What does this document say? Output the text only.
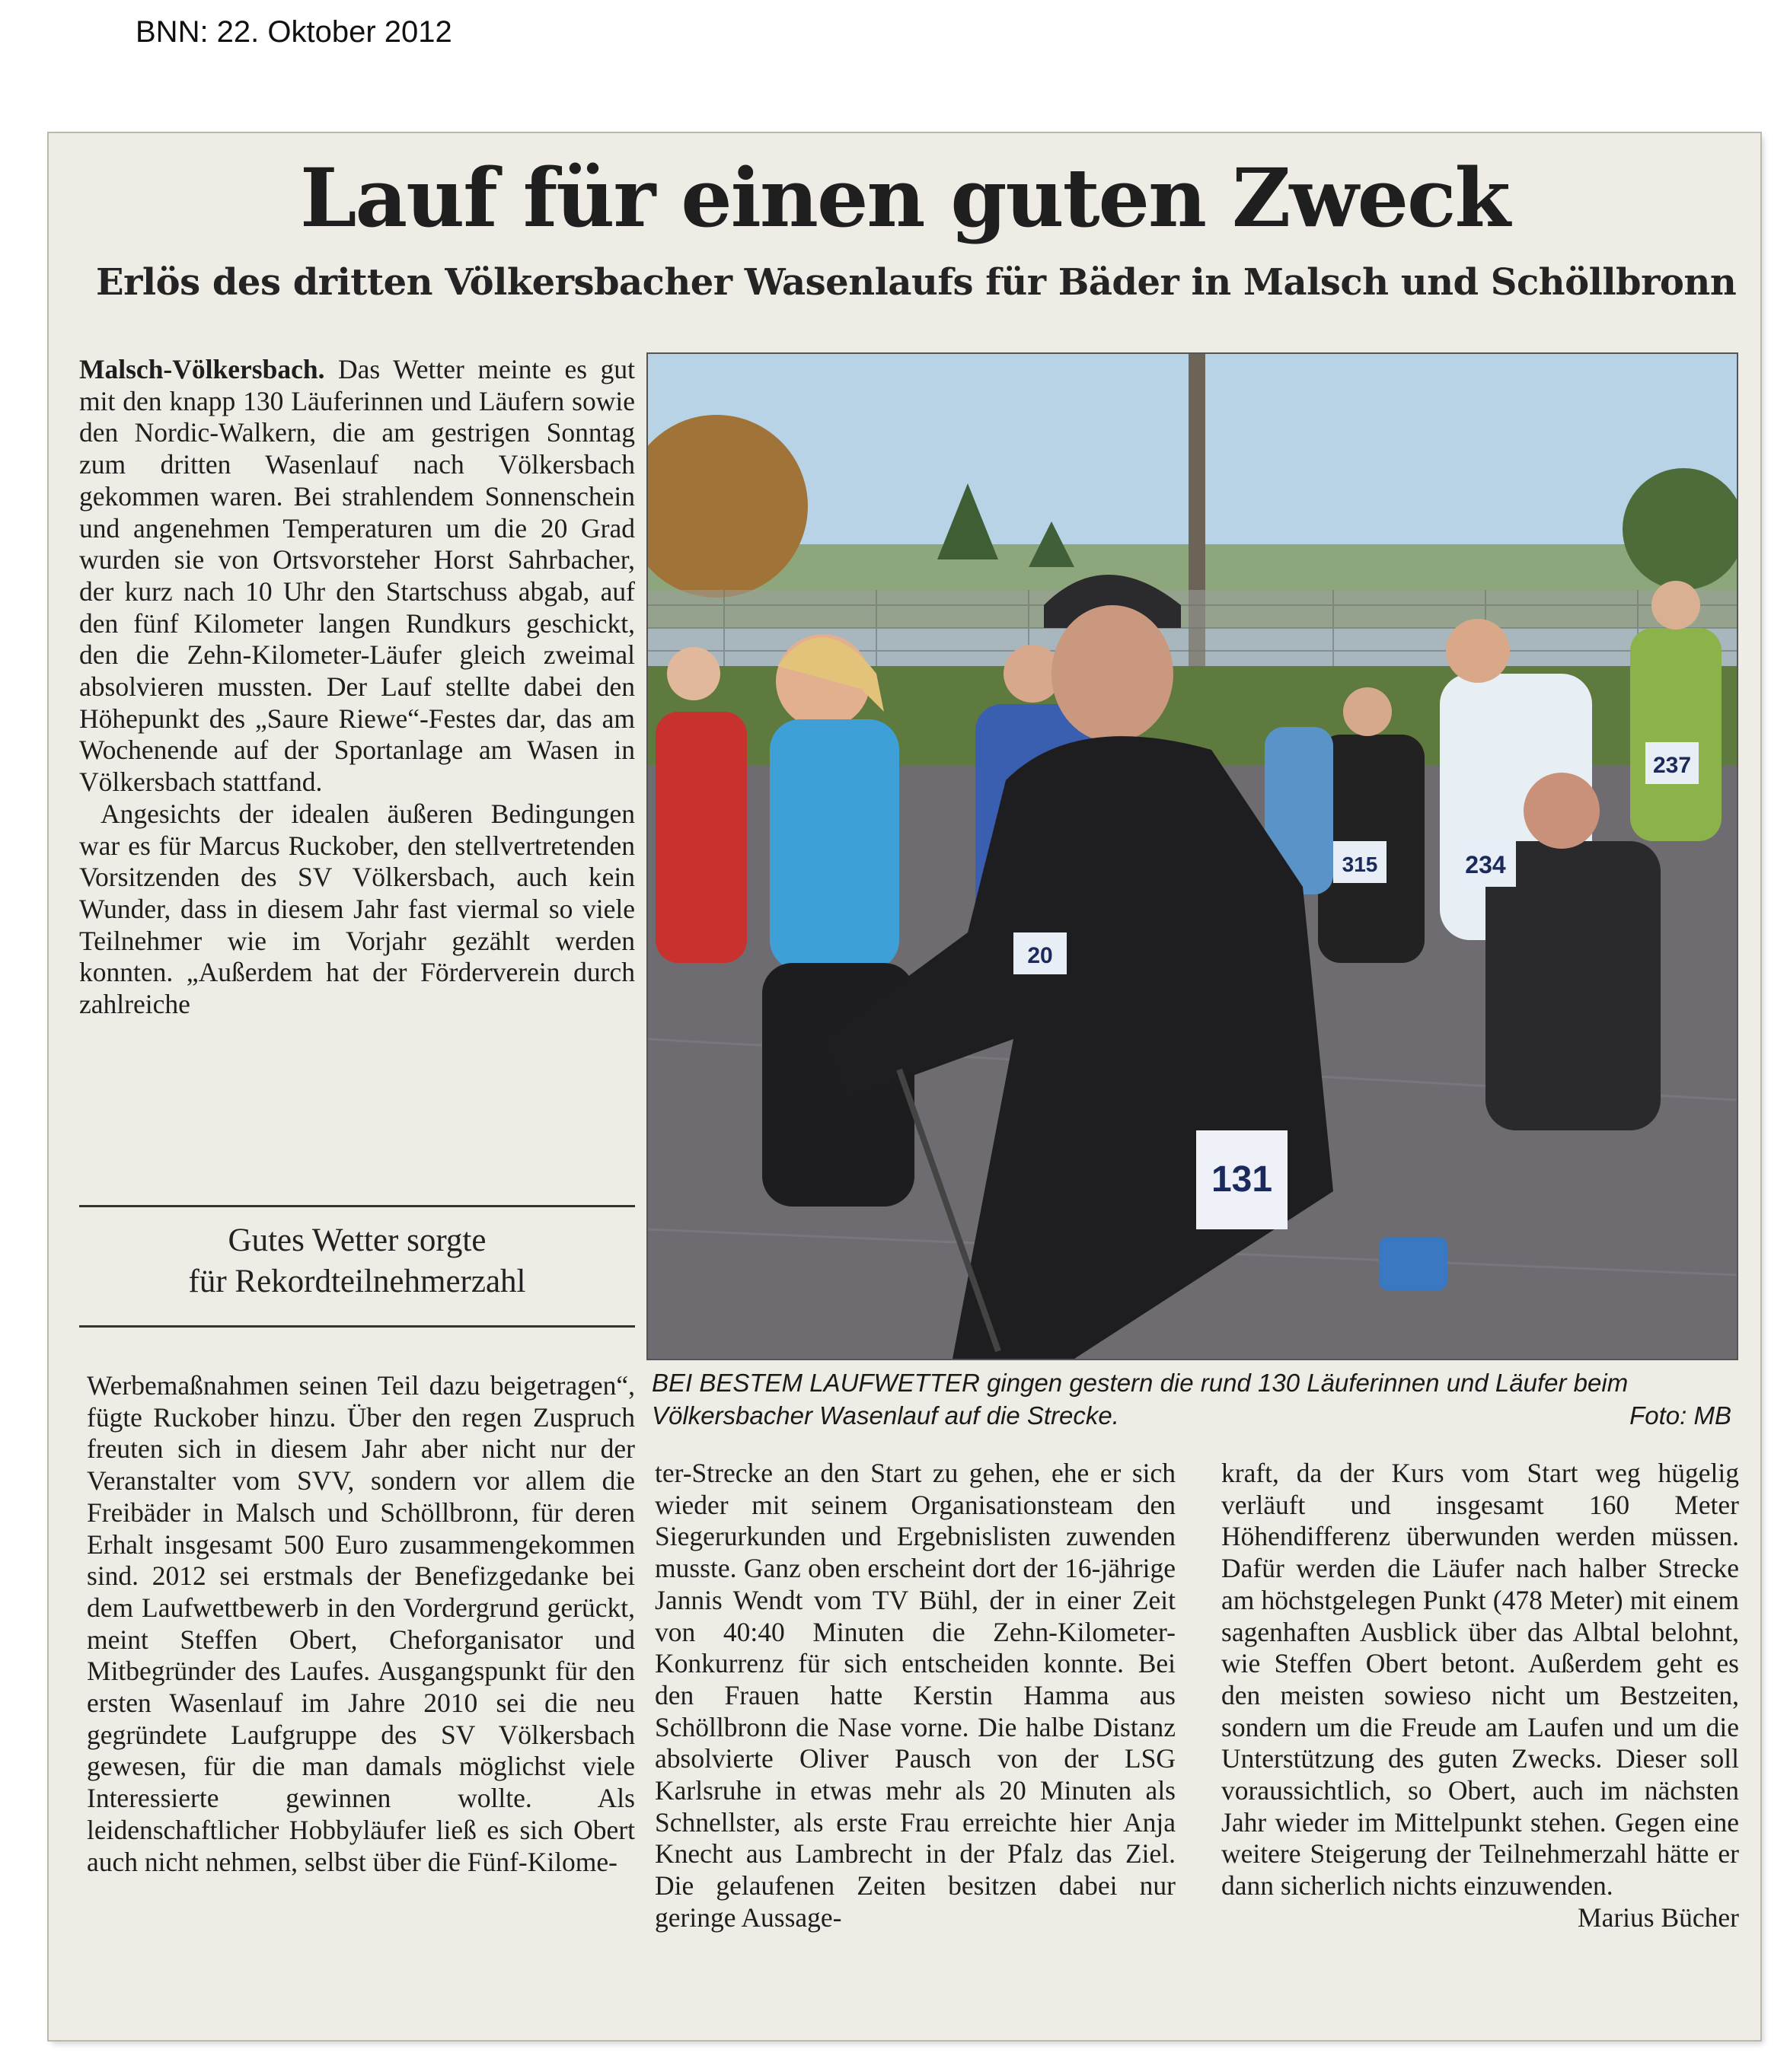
BNN: 22. Oktober 2012
Lauf für einen guten Zweck
Erlös des dritten Völkersbacher Wasenlaufs für Bäder in Malsch und Schöllbronn
Malsch-Völkersbach. Das Wetter meinte es gut mit den knapp 130 Läuferinnen und Läufern sowie den Nordic-Walkern, die am gestrigen Sonntag zum dritten Wasenlauf nach Völkersbach gekommen waren. Bei strahlendem Sonnenschein und angenehmen Temperaturen um die 20 Grad wurden sie von Ortsvorsteher Horst Sahrbacher, der kurz nach 10 Uhr den Startschuss abgab, auf den fünf Kilometer langen Rundkurs geschickt, den die Zehn-Kilometer-Läufer gleich zweimal absolvieren mussten. Der Lauf stellte dabei den Höhepunkt des „Saure Riewe“-Festes dar, das am Wochenende auf der Sportanlage am Wasen in Völkersbach stattfand.
Angesichts der idealen äußeren Bedingungen war es für Marcus Ruckober, den stellvertretenden Vorsitzenden des SV Völkersbach, auch kein Wunder, dass in diesem Jahr fast viermal so viele Teilnehmer wie im Vorjahr gezählt werden konnten. „Außerdem hat der Förderverein durch zahlreiche
Gutes Wetter sorgte
für Rekordteilnehmerzahl
Werbemaßnahmen seinen Teil dazu beigetragen“, fügte Ruckober hinzu. Über den regen Zuspruch freuten sich in diesem Jahr aber nicht nur der Veranstalter vom SVV, sondern vor allem die Freibäder in Malsch und Schöllbronn, für deren Erhalt insgesamt 500 Euro zusammengekommen sind. 2012 sei erstmals der Benefizgedanke bei dem Laufwettbewerb in den Vordergrund gerückt, meint Steffen Obert, Cheforganisator und Mitbegründer des Laufes. Ausgangspunkt für den ersten Wasenlauf im Jahre 2010 sei die neu gegründete Laufgruppe des SV Völkersbach gewesen, für die man damals möglichst viele Interessierte gewinnen wollte. Als leidenschaftlicher Hobbyläufer ließ es sich Obert auch nicht nehmen, selbst über die Fünf-Kilome-
237
234
131
20
315
BEI BESTEM LAUFWETTER gingen gestern die rund 130 Läuferinnen und Läufer beim Völkersbacher Wasenlauf auf die Strecke.	Foto: MB
ter-Strecke an den Start zu gehen, ehe er sich wieder mit seinem Organisationsteam den Siegerurkunden und Ergebnislisten zuwenden musste. Ganz oben erscheint dort der 16-jährige Jannis Wendt vom TV Bühl, der in einer Zeit von 40:40 Minuten die Zehn-Kilometer-Konkurrenz für sich entscheiden konnte. Bei den Frauen hatte Kerstin Hamma aus Schöllbronn die Nase vorne. Die halbe Distanz absolvierte Oliver Pausch von der LSG Karlsruhe in etwas mehr als 20 Minuten als Schnellster, als erste Frau erreichte hier Anja Knecht aus Lambrecht in der Pfalz das Ziel. Die gelaufenen Zeiten besitzen dabei nur geringe Aussage-
kraft, da der Kurs vom Start weg hügelig verläuft und insgesamt 160 Meter Höhendifferenz überwunden werden müssen. Dafür werden die Läufer nach halber Strecke am höchstgelegen Punkt (478 Meter) mit einem sagenhaften Ausblick über das Albtal belohnt, wie Steffen Obert betont. Außerdem geht es den meisten sowieso nicht um Bestzeiten, sondern um die Freude am Laufen und um die Unterstützung des guten Zwecks. Dieser soll voraussichtlich, so Obert, auch im nächsten Jahr wieder im Mittelpunkt stehen. Gegen eine weitere Steigerung der Teilnehmerzahl hätte er dann sicherlich nichts einzuwenden.
Marius Bücher
